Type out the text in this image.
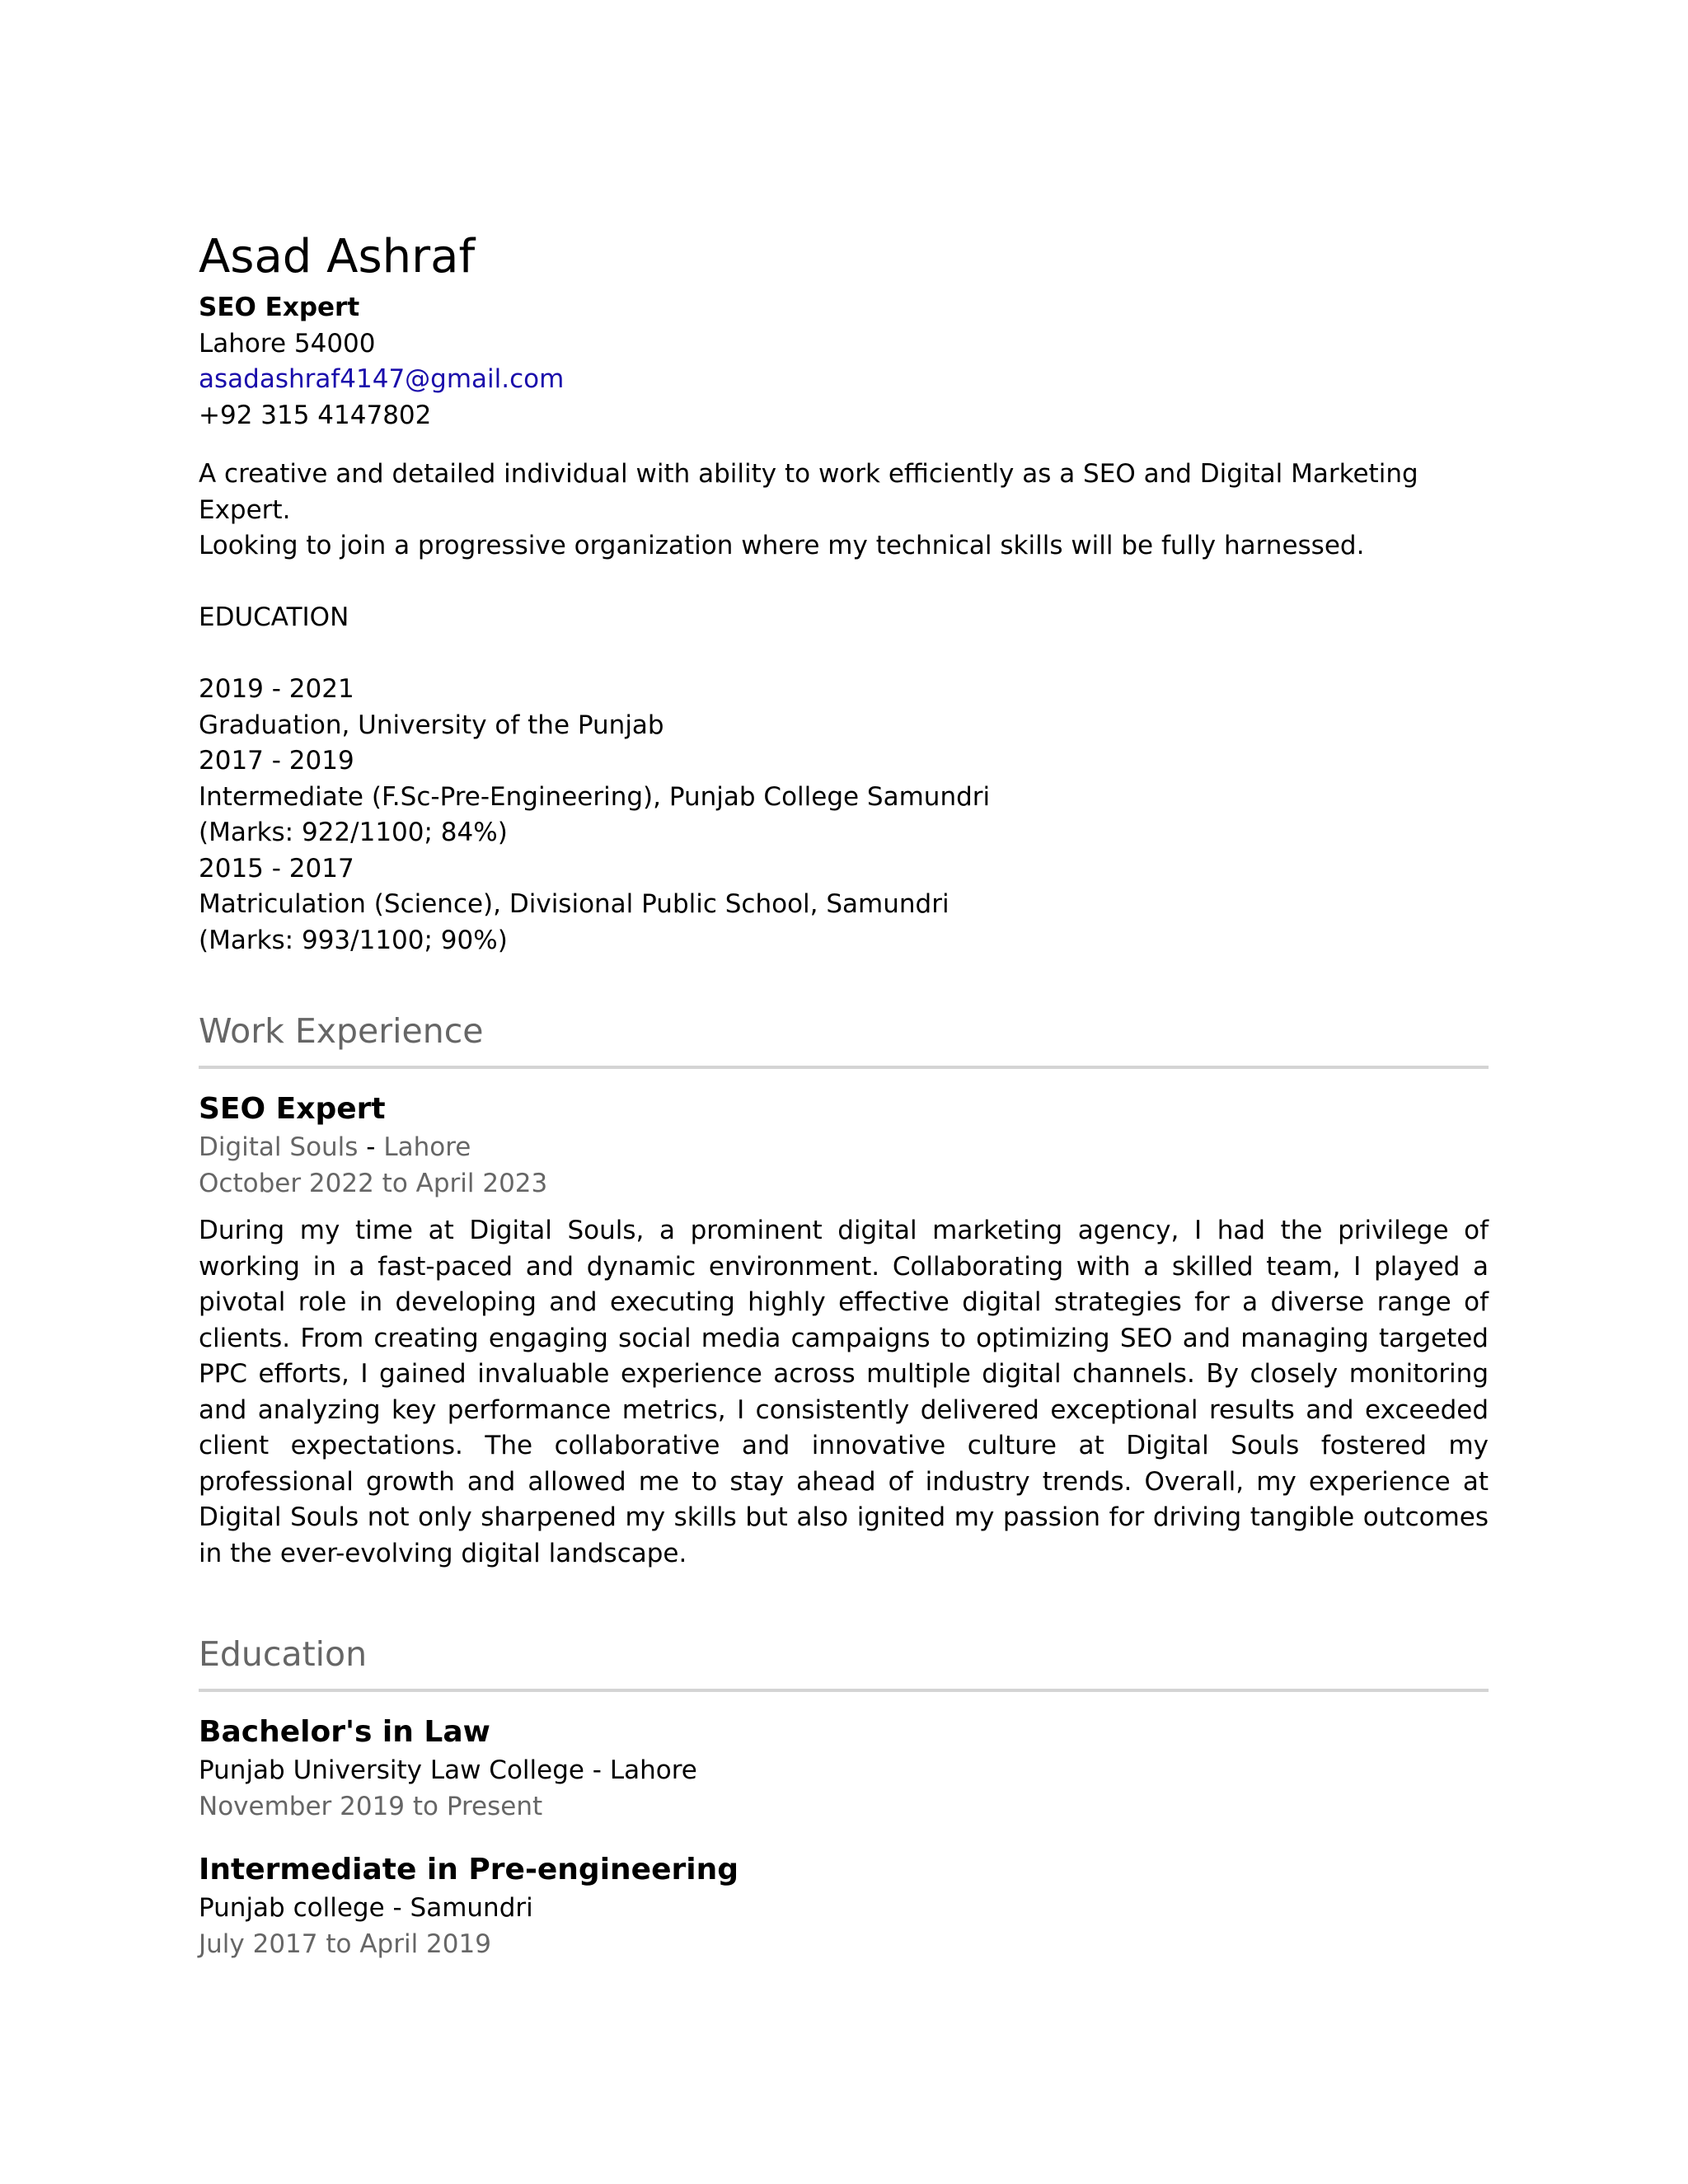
Asad Ashraf
SEO Expert
Lahore 54000
asadashraf4147@gmail.com
+92 315 4147802
A creative and detailed individual with ability to work efficiently as a SEO and Digital Marketing Expert.
Looking to join a progressive organization where my technical skills will be fully harnessed.
EDUCATION
2019 - 2021
Graduation, University of the Punjab
2017 - 2019
Intermediate (F.Sc-Pre-Engineering), Punjab College Samundri
(Marks: 922/1100; 84%)
2015 - 2017
Matriculation (Science), Divisional Public School, Samundri
(Marks: 993/1100; 90%)
Work Experience
SEO Expert
Digital Souls - Lahore
October 2022 to April 2023
During my time at Digital Souls, a prominent digital marketing agency, I had the privilege of working in a fast-paced and dynamic environment. Collaborating with a skilled team, I played a pivotal role in developing and executing highly effective digital strategies for a diverse range of clients. From creating engaging social media campaigns to optimizing SEO and managing targeted PPC efforts, I gained invaluable experience across multiple digital channels. By closely monitoring and analyzing key performance metrics, I consistently delivered exceptional results and exceeded client expectations. The collaborative and innovative culture at Digital Souls fostered my professional growth and allowed me to stay ahead of industry trends. Overall, my experience at Digital Souls not only sharpened my skills but also ignited my passion for driving tangible outcomes in the ever-evolving digital landscape.
Education
Bachelor's in Law
Punjab University Law College - Lahore
November 2019 to Present
Intermediate in Pre-engineering
Punjab college - Samundri
July 2017 to April 2019
